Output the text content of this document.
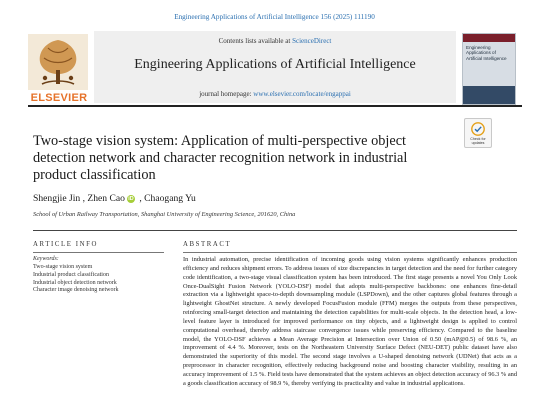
Engineering Applications of Artificial Intelligence 156 (2025) 111190
ELSEVIER
Contents lists available at ScienceDirect
Engineering Applications of Artificial Intelligence
journal homepage: www.elsevier.com/locate/engappai
Engineering Applications of Artificial Intelligence
Two-stage vision system: Application of multi-perspective object detection network and character recognition network in industrial product classification
Check for updates
Shengjie Jin , Zhen Cao iD , Chaogang Yu
School of Urban Railway Transportation, Shanghai University of Engineering Science, 201620, China
ARTICLE INFO
Keywords:
Two-stage vision system
Industrial product classification
Industrial object detection network
Character image denoising network
ABSTRACT
In industrial automation, precise identification of incoming goods using vision systems significantly enhances production efficiency and reduces shipment errors. To address issues of size discrepancies in target detection and the need for further category code identification, a two-stage visual classification system has been introduced. The first stage presents a novel You Only Look Once-DualSight Fusion Network (YOLO-DSF) model that adopts multi-perspective backbones: one enhances fine-detail extraction via a lightweight space-to-depth downsampling module (LSPDown), and the other captures global features through a lightweight GhostNet structure. A newly developed FocusFusion module (FFM) merges the outputs from these perspectives, reinforcing small-target detection and maintaining the detection capabilities for multi-scale objects. In the detection head, a low-level feature layer is introduced for improved performance on tiny objects, and a lightweight design is applied to control computational overhead, thereby address staircase convergence issues while preserving efficiency. Compared to the baseline model, the YOLO-DSF achieves a Mean Average Precision at Intersection over Union of 0.50 (mAP@0.5) of 98.6 %, an improvement of 4.4 %. Moreover, tests on the Northeastern University Surface Defect (NEU-DET) public dataset have also demonstrated the superiority of this model. The second stage involves a U-shaped denoising network (UDNet) that acts as a preprocessor in character recognition, effectively reducing background noise and boosting character visibility, resulting in an accuracy improvement of 1.5 %. Field tests have demonstrated that the system achieves an object detection accuracy of 96.3 % and a goods classification accuracy of 98.9 %, thereby verifying its practicality and value in industrial applications.
